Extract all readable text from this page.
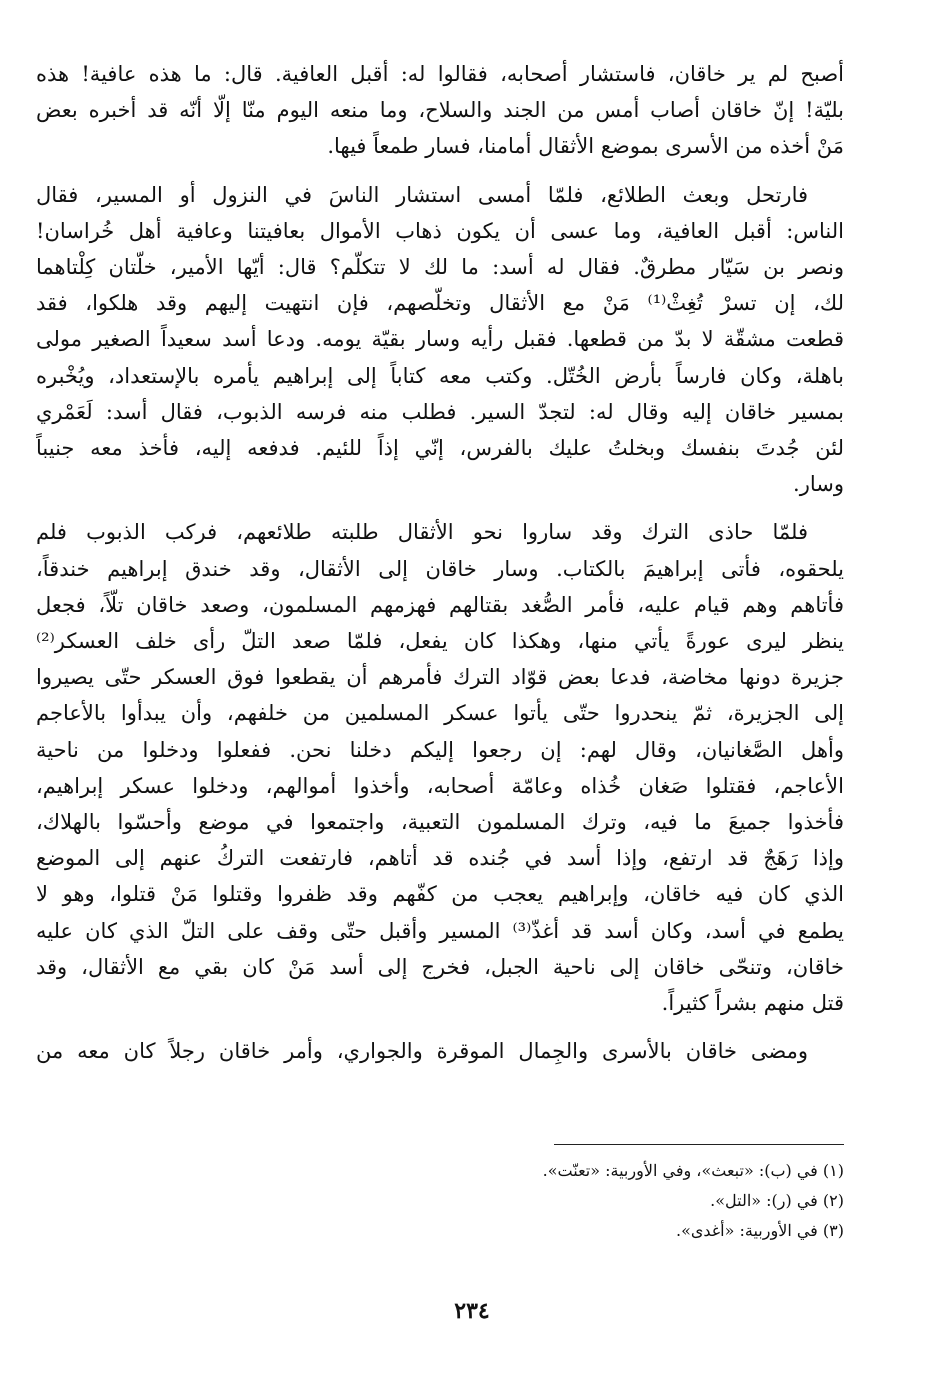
أصبح لم ير خاقان، فاستشار أصحابه، فقالوا له: أقبل العافية. قال: ما هذه عافية! هذه
بليّة! إنّ خاقان أصاب أمس من الجند والسلاح، وما منعه اليوم منّا إلّا أنّه قد أخبره بعض
مَنْ أخذه من الأسرى بموضع الأثقال أمامنا، فسار طمعاً فيها.

فارتحل وبعث الطلائع، فلمّا أمسى استشار الناسَ في النزول أو المسير، فقال
الناس: أقبل العافية، وما عسى أن يكون ذهاب الأموال بعافيتنا وعافية أهل خُراسان!
ونصر بن سَيّار مطرقٌ. فقال له أسد: ما لك لا تتكلّم؟ قال: أيّها الأمير، خلّتان كِلْتاهما
لك، إن تسرْ تُغِثْ⁽¹⁾ مَنْ مع الأثقال وتخلّصهم، فإن انتهيت إليهم وقد هلكوا، فقد
قطعت مشقّة لا بدّ من قطعها. فقبل رأيه وسار بقيّة يومه. ودعا أسد سعيداً الصغير مولى
باهلة، وكان فارساً بأرض الخُتّل. وكتب معه كتاباً إلى إبراهيم يأمره بالإستعداد، ويُخْبره
بمسير خاقان إليه وقال له: لتجدّ السير. فطلب منه فرسه الذبوب، فقال أسد: لَعَمْري
لئن جُدتَ بنفسك وبخلتُ عليك بالفرس، إنّي إذاً للئيم. فدفعه إليه، فأخذ معه جنيباً
وسار.

فلمّا حاذى الترك وقد ساروا نحو الأثقال طلبته طلائعهم، فركب الذبوب فلم
يلحقوه، فأتى إبراهيمَ بالكتاب. وسار خاقان إلى الأثقال، وقد خندق إبراهيم خندقاً،
فأتاهم وهم قيام عليه، فأمر الصُّغد بقتالهم فهزمهم المسلمون، وصعد خاقان تلّاً، فجعل
ينظر ليرى عورةً يأتي منها، وهكذا كان يفعل، فلمّا صعد التلّ رأى خلف العسكر⁽²⁾
جزيرة دونها مخاضة، فدعا بعض قوّاد الترك فأمرهم أن يقطعوا فوق العسكر حتّى يصيروا
إلى الجزيرة، ثمّ ينحدروا حتّى يأتوا عسكر المسلمين من خلفهم، وأن يبدأوا بالأعاجم
وأهل الصَّغانيان، وقال لهم: إن رجعوا إليكم دخلنا نحن. ففعلوا ودخلوا من ناحية
الأعاجم، فقتلوا صَغان خُذاه وعامّة أصحابه، وأخذوا أموالهم، ودخلوا عسكر إبراهيم،
فأخذوا جميعَ ما فيه، وترك المسلمون التعبية، واجتمعوا في موضع وأحسّوا بالهلاك،
وإذا رَهَجٌ قد ارتفع، وإذا أسد في جُنده قد أتاهم، فارتفعت التركُ عنهم إلى الموضع
الذي كان فيه خاقان، وإبراهيم يعجب من كفّهم وقد ظفروا وقتلوا مَنْ قتلوا، وهو لا
يطمع في أسد، وكان أسد قد أغذّ⁽³⁾ المسير وأقبل حتّى وقف على التلّ الذي كان عليه
خاقان، وتنحّى خاقان إلى ناحية الجبل، فخرج إلى أسد مَنْ كان بقي مع الأثقال، وقد
قتل منهم بشراً كثيراً.

ومضى خاقان بالأسرى والجِمال الموقرة والجواري، وأمر خاقان رجلاً كان معه من

(١) في (ب): «تبعث»، وفي الأوربية: «تعنّت».
(٢) في (ر): «التل».
(٣) في الأوربية: «أغدى».
٢٣٤
